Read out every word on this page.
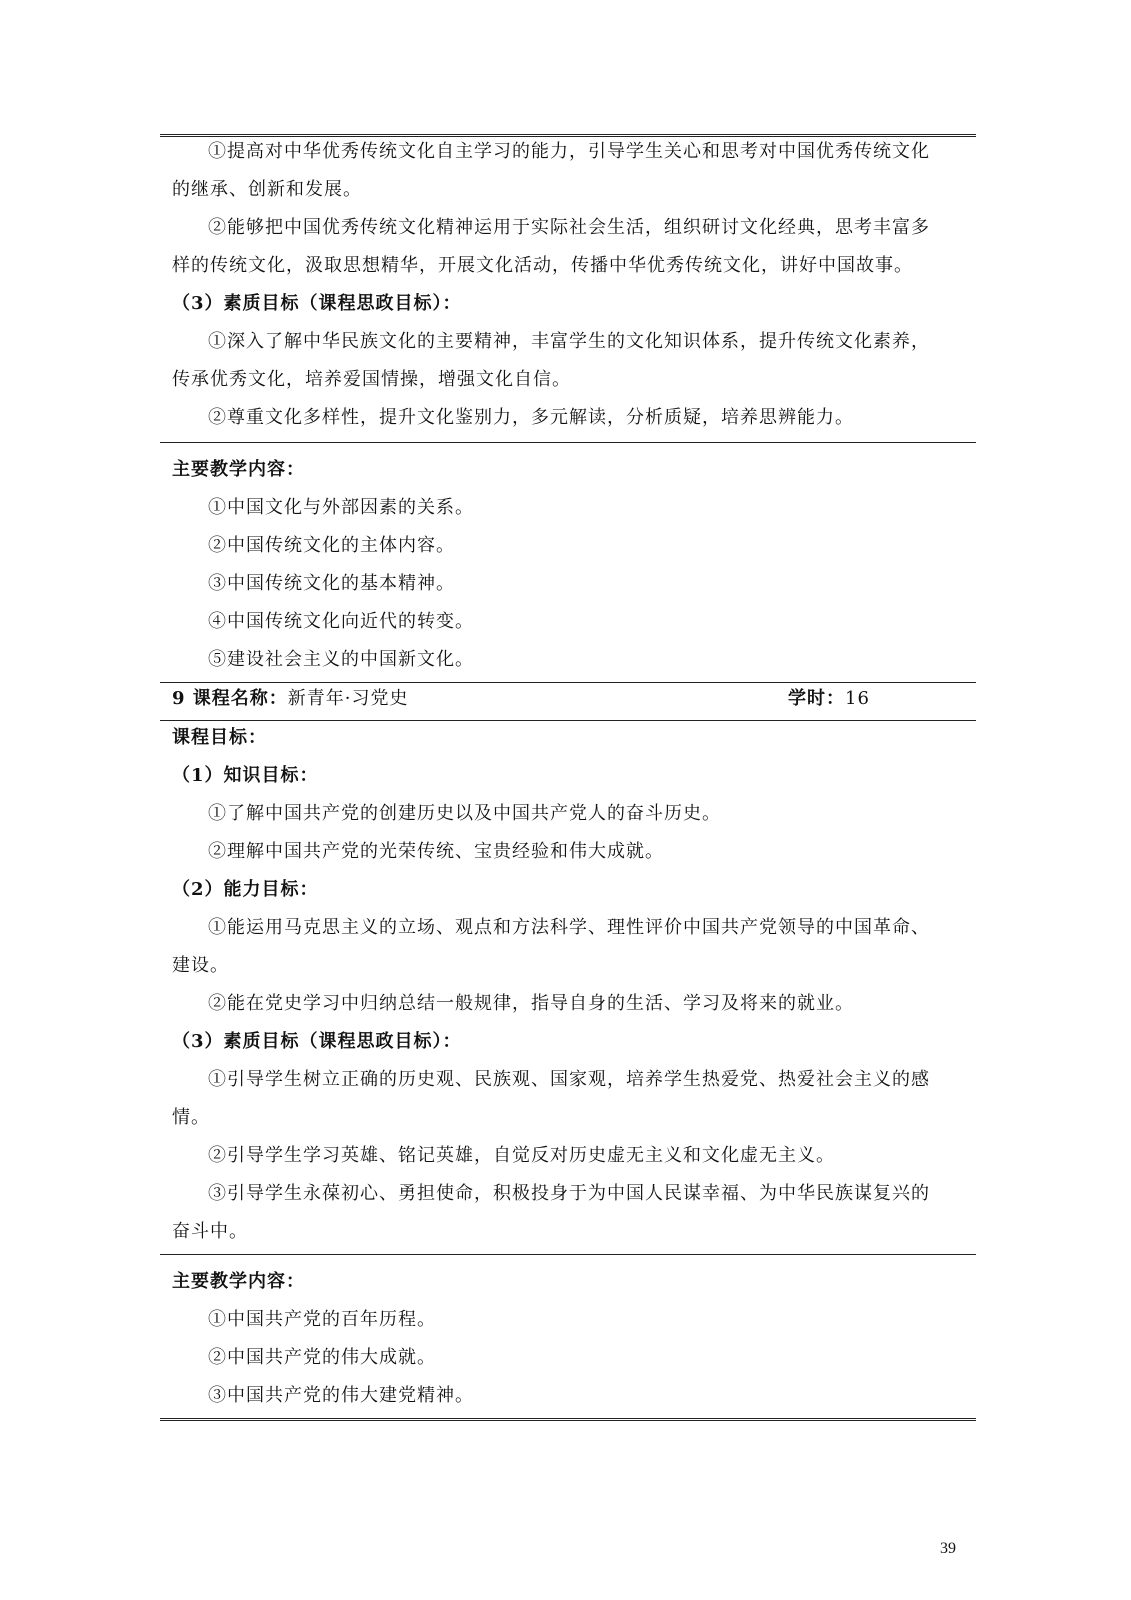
①提高对中华优秀传统文化自主学习的能力，引导学生关心和思考对中国优秀传统文化
的继承、创新和发展。
②能够把中国优秀传统文化精神运用于实际社会生活，组织研讨文化经典，思考丰富多
样的传统文化，汲取思想精华，开展文化活动，传播中华优秀传统文化，讲好中国故事。
（3）素质目标（课程思政目标）：
①深入了解中华民族文化的主要精神，丰富学生的文化知识体系，提升传统文化素养，
传承优秀文化，培养爱国情操，增强文化自信。
②尊重文化多样性，提升文化鉴别力，多元解读，分析质疑，培养思辨能力。
主要教学内容：
①中国文化与外部因素的关系。
②中国传统文化的主体内容。
③中国传统文化的基本精神。
④中国传统文化向近代的转变。
⑤建设社会主义的中国新文化。
9 课程名称：新青年·习党史	学时：16
课程目标：
（1）知识目标：
①了解中国共产党的创建历史以及中国共产党人的奋斗历史。
②理解中国共产党的光荣传统、宝贵经验和伟大成就。
（2）能力目标：
①能运用马克思主义的立场、观点和方法科学、理性评价中国共产党领导的中国革命、
建设。
②能在党史学习中归纳总结一般规律，指导自身的生活、学习及将来的就业。
（3）素质目标（课程思政目标）：
①引导学生树立正确的历史观、民族观、国家观，培养学生热爱党、热爱社会主义的感
情。
②引导学生学习英雄、铭记英雄，自觉反对历史虚无主义和文化虚无主义。
③引导学生永葆初心、勇担使命，积极投身于为中国人民谋幸福、为中华民族谋复兴的
奋斗中。
主要教学内容：
①中国共产党的百年历程。
②中国共产党的伟大成就。
③中国共产党的伟大建党精神。
39
